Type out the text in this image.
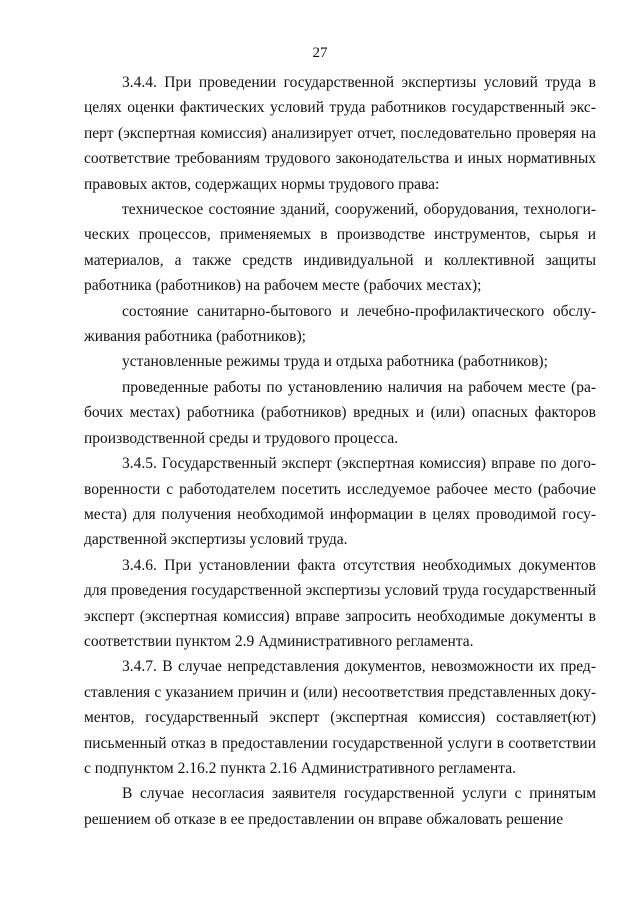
27

3.4.4. При проведении государственной экспертизы условий труда в целях оценки фактических условий труда работников государственный эксперт (экспертная комиссия) анализирует отчет, последовательно проверяя на соответствие требованиям трудового законодательства и иных нормативных правовых актов, содержащих нормы трудового права:

техническое состояние зданий, сооружений, оборудования, технологических процессов, применяемых в производстве инструментов, сырья и материалов, а также средств индивидуальной и коллективной защиты работника (работников) на рабочем месте (рабочих местах);

состояние санитарно-бытового и лечебно-профилактического обслуживания работника (работников);

установленные режимы труда и отдыха работника (работников);

проведенные работы по установлению наличия на рабочем месте (рабочих местах) работника (работников) вредных и (или) опасных факторов производственной среды и трудового процесса.

3.4.5. Государственный эксперт (экспертная комиссия) вправе по договоренности с работодателем посетить исследуемое рабочее место (рабочие места) для получения необходимой информации в целях проводимой государственной экспертизы условий труда.

3.4.6. При установлении факта отсутствия необходимых документов для проведения государственной экспертизы условий труда государственный эксперт (экспертная комиссия) вправе запросить необходимые документы в соответствии пунктом 2.9 Административного регламента.

3.4.7. В случае непредставления документов, невозможности их представления с указанием причин и (или) несоответствия представленных документов, государственный эксперт (экспертная комиссия) составляет(ют) письменный отказ в предоставлении государственной услуги в соответствии с подпунктом 2.16.2 пункта 2.16 Административного регламента.

В случае несогласия заявителя государственной услуги с принятым решением об отказе в ее предоставлении он вправе обжаловать решение
